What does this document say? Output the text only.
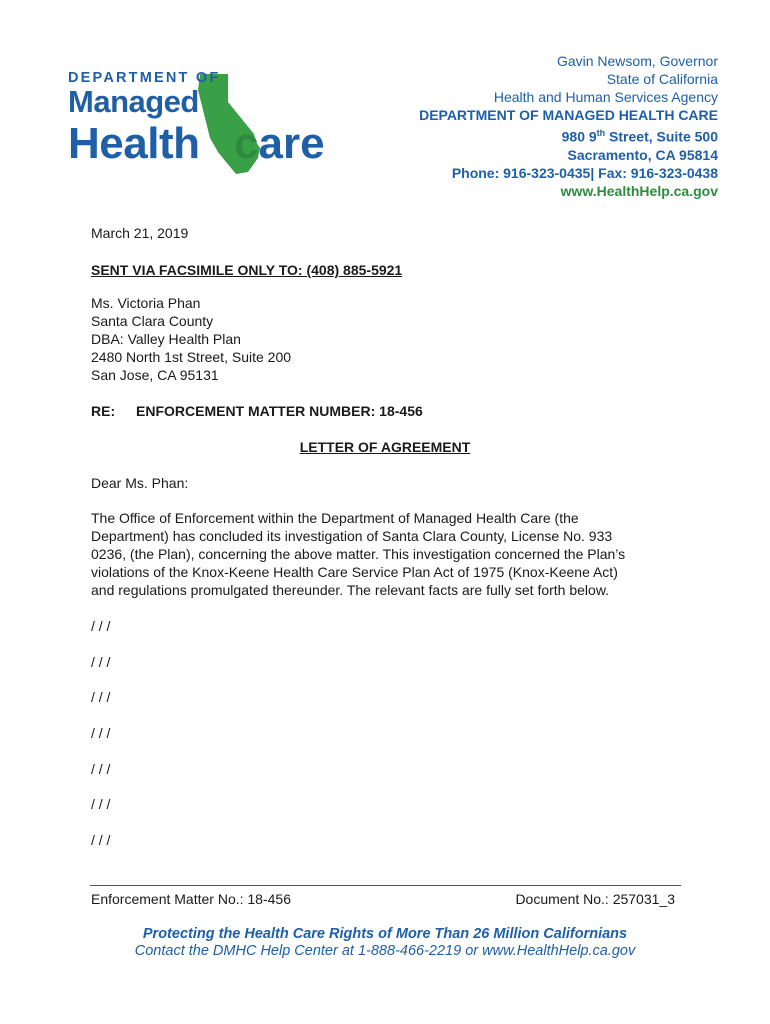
DEPARTMENT OF
Managed
Health care
Gavin Newsom, Governor
State of California
Health and Human Services Agency
DEPARTMENT OF MANAGED HEALTH CARE
980 9th Street, Suite 500
Sacramento, CA 95814
Phone: 916-323-0435| Fax: 916-323-0438
www.HealthHelp.ca.gov
March 21, 2019
SENT VIA FACSIMILE ONLY TO: (408) 885-5921
Ms. Victoria Phan
Santa Clara County
DBA: Valley Health Plan
2480 North 1st Street, Suite 200
San Jose, CA 95131
RE: ENFORCEMENT MATTER NUMBER: 18-456
LETTER OF AGREEMENT
Dear Ms. Phan:
The Office of Enforcement within the Department of Managed Health Care (the
Department) has concluded its investigation of Santa Clara County, License No. 933
0236, (the Plan), concerning the above matter. This investigation concerned the Plan’s
violations of the Knox-Keene Health Care Service Plan Act of 1975 (Knox-Keene Act)
and regulations promulgated thereunder. The relevant facts are fully set forth below.
/ / /
/ / /
/ / /
/ / /
/ / /
/ / /
/ / /
Enforcement Matter No.: 18-456	Document No.: 257031_3
Protecting the Health Care Rights of More Than 26 Million Californians
Contact the DMHC Help Center at 1-888-466-2219 or www.HealthHelp.ca.gov
